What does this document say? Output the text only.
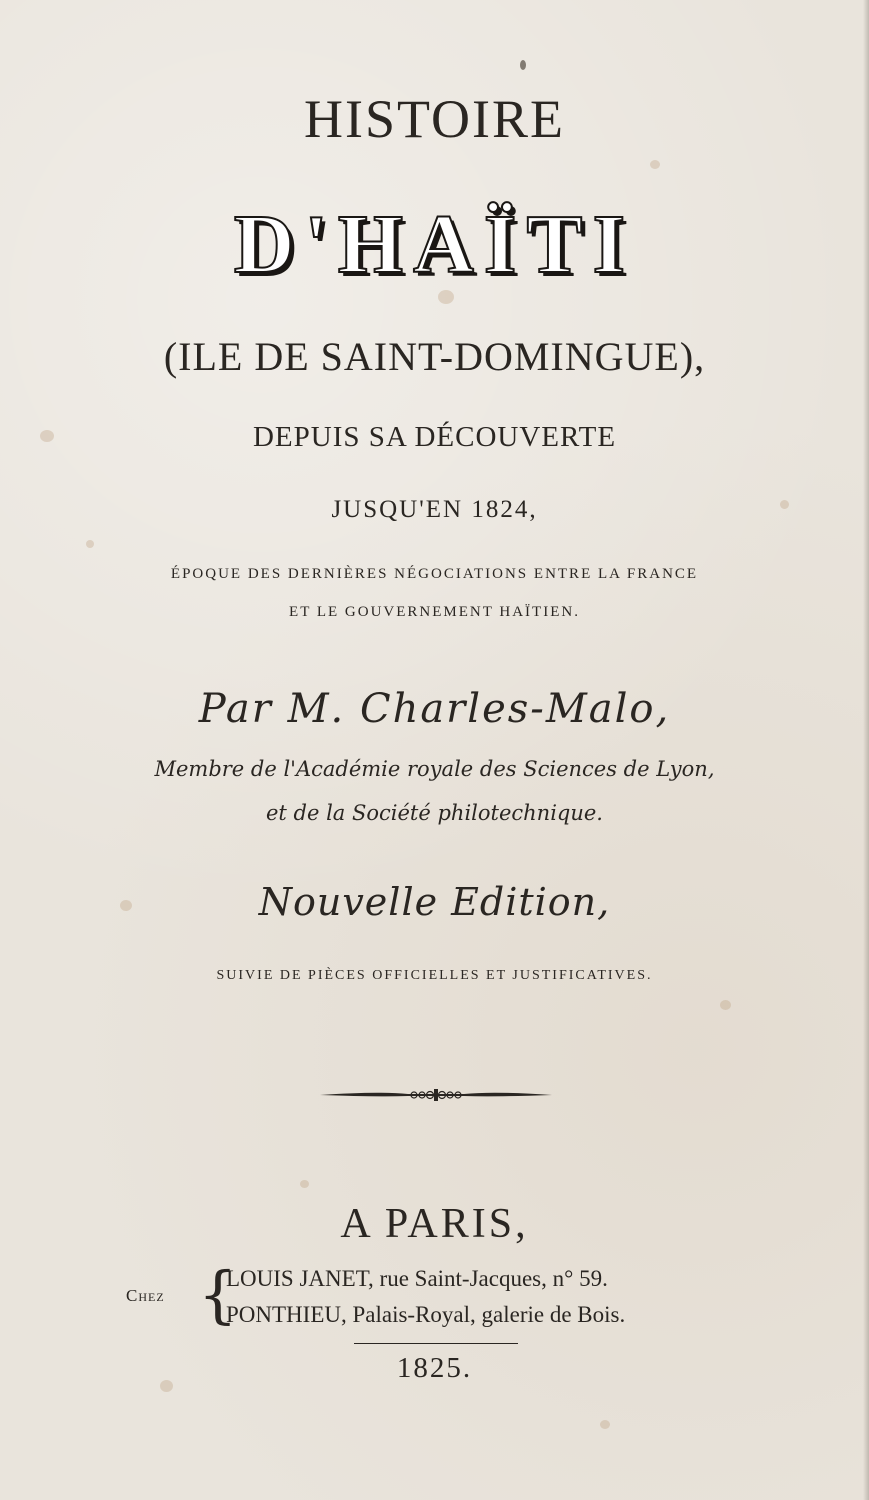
HISTOIRE
D'HAÏTI
(ILE DE SAINT-DOMINGUE),
DEPUIS SA DÉCOUVERTE
JUSQU'EN 1824,
ÉPOQUE DES DERNIÈRES NÉGOCIATIONS ENTRE LA FRANCE
ET LE GOUVERNEMENT HAÏTIEN.
Par M. Charles-Malo,
Membre de l'Académie royale des Sciences de Lyon,
et de la Société philotechnique.
Nouvelle Edition,
SUIVIE DE PIÈCES OFFICIELLES ET JUSTIFICATIVES.
A PARIS,
Chez {
LOUIS JANET, rue Saint-Jacques, n° 59.
PONTHIEU, Palais-Royal, galerie de Bois.
1825.
